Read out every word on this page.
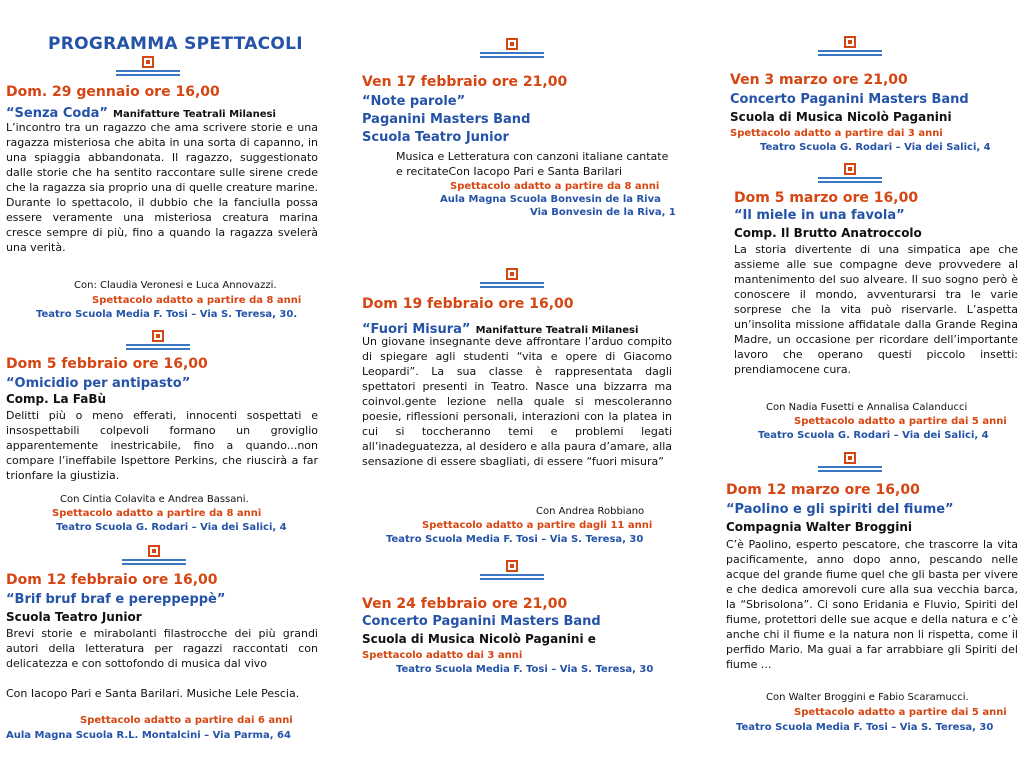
PROGRAMMA SPETTACOLI
Dom. 29 gennaio ore 16,00
“Senza Coda” Manifatture Teatrali Milanesi
L’incontro tra un ragazzo che ama scrivere storie e una ragazza misteriosa che abita in una sorta di capanno, in una spiaggia abbandonata. Il ragazzo, suggestionato dalle storie che ha sentito raccontare sulle sirene crede che la ragazza sia proprio una di quelle creature marine. Durante lo spettacolo, il dubbio che la fanciulla possa essere veramente una misteriosa creatura marina cresce sempre di più, fino a quando la ragazza svelerà una verità.
Con: Claudia Veronesi e Luca Annovazzi.
Spettacolo adatto a partire da 8 anni
Teatro Scuola Media F. Tosi – Via S. Teresa, 30.
Dom 5 febbraio ore 16,00
“Omicidio per antipasto”
Comp. La FaBù
Delitti più o meno efferati, innocenti sospettati e insospettabili colpevoli formano un groviglio apparentemente inestricabile, fino a quando...non compare l’ineffabile Ispettore Perkins, che riuscirà a far trionfare la giustizia.
Con Cintia Colavita e Andrea Bassani.
Spettacolo adatto a partire da 8 anni
Teatro Scuola G. Rodari – Via dei Salici, 4
Dom 12 febbraio ore 16,00
“Brif bruf braf e pereppeppè”
Scuola Teatro Junior
Brevi storie e mirabolanti filastrocche dei più grandi autori della letteratura per ragazzi raccontati con delicatezza e con sottofondo di musica dal vivo
Con Iacopo Pari e Santa Barilari. Musiche Lele Pescia.
Spettacolo adatto a partire dai 6 anni
Aula Magna Scuola R.L. Montalcini – Via Parma, 64
Ven 17 febbraio ore 21,00
“Note parole”
Paganini Masters Band
Scuola Teatro Junior
Musica e Letteratura con canzoni italiane cantate e recitateCon Iacopo Pari e Santa Barilari
Spettacolo adatto a partire da 8 anni
Aula Magna Scuola Bonvesin de la Riva
Via Bonvesin de la Riva, 1
Dom 19 febbraio ore 16,00
“Fuori Misura” Manifatture Teatrali Milanesi
Un giovane insegnante deve affrontare l’arduo compito di spiegare agli studenti “vita e opere di Giacomo Leopardi”. La sua classe è rappresentata dagli spettatori presenti in Teatro. Nasce una bizzarra ma coinvol.gente lezione nella quale si mescoleranno poesie, riflessioni personali, interazioni con la platea in cui si toccheranno temi e problemi legati all’inadeguatezza, al desidero e alla paura d’amare, alla sensazione di essere sbagliati, di essere “fuori misura”
Con Andrea Robbiano
Spettacolo adatto a partire dagli 11 anni
Teatro Scuola Media F. Tosi – Via S. Teresa, 30
Ven 24 febbraio ore 21,00
Concerto Paganini Masters Band
Scuola di Musica Nicolò Paganini e
Spettacolo adatto dai 3 anni
Teatro Scuola Media F. Tosi – Via S. Teresa, 30
Ven 3 marzo ore 21,00
Concerto Paganini Masters Band
Scuola di Musica Nicolò Paganini
Spettacolo adatto a partire dai 3 anni
Teatro Scuola G. Rodari – Via dei Salici, 4
Dom 5 marzo ore 16,00
“Il miele in una favola”
Comp. Il Brutto Anatroccolo
La storia divertente di una simpatica ape che assieme alle sue compagne deve provvedere al mantenimento del suo alveare. Il suo sogno però è conoscere il mondo, avventurarsi tra le varie sorprese che la vita può riservarle. L’aspetta un’insolita missione affidatale dalla Grande Regina Madre, un occasione per ricordare dell’importante lavoro che operano questi piccolo insetti: prendiamocene cura.
Con Nadia Fusetti e Annalisa Calanducci
Spettacolo adatto a partire dai 5 anni
Teatro Scuola G. Rodari – Via dei Salici, 4
Dom 12 marzo ore 16,00
“Paolino e gli spiriti del fiume”
Compagnia Walter Broggini
C’è Paolino, esperto pescatore, che trascorre la vita pacificamente, anno dopo anno, pescando nelle acque del grande fiume quel che gli basta per vivere e che dedica amorevoli cure alla sua vecchia barca, la “Sbrisolona”. Ci sono Eridania e Fluvio, Spiriti del fiume, protettori delle sue acque e della natura e c’è anche chi il fiume e la natura non li rispetta, come il perfido Mario. Ma guai a far arrabbiare gli Spiriti del fiume ...
Con Walter Broggini e Fabio Scaramucci.
Spettacolo adatto a partire dai 5 anni
Teatro Scuola Media F. Tosi – Via S. Teresa, 30
